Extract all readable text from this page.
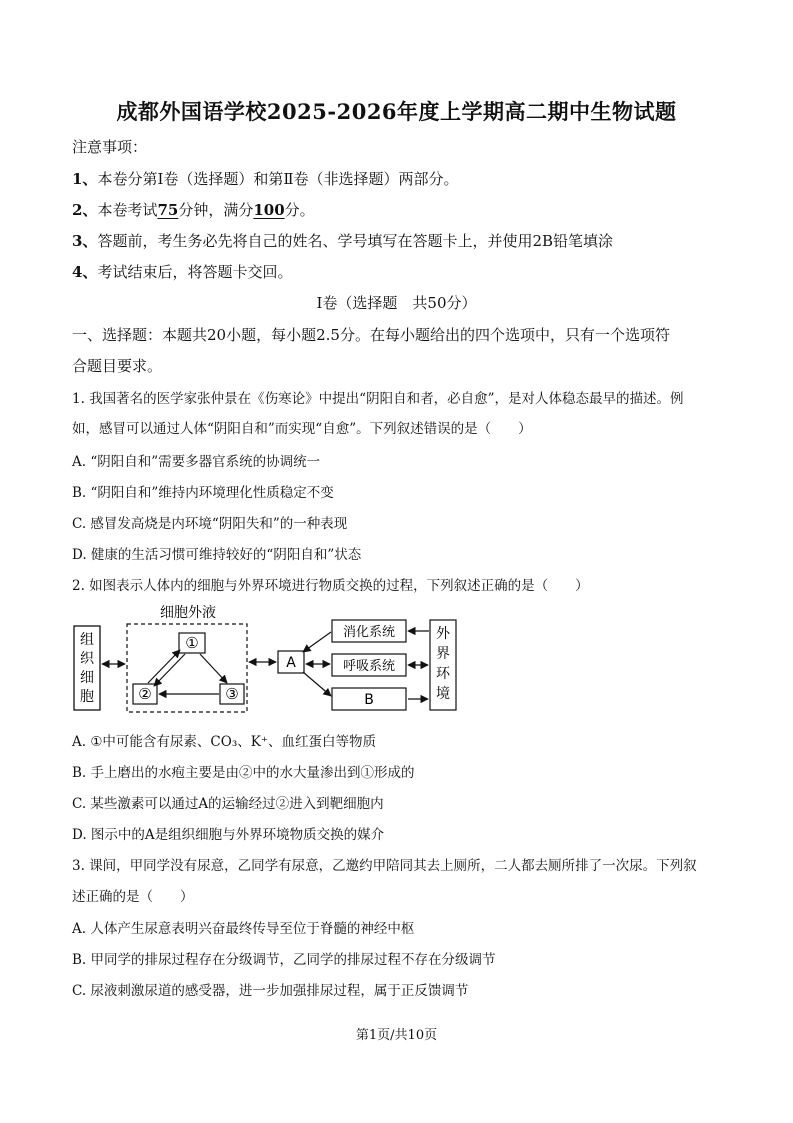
成都外国语学校2025-2026年度上学期高二期中生物试题
注意事项：
1、本卷分第Ⅰ卷（选择题）和第Ⅱ卷（非选择题）两部分。
2、本卷考试75分钟，满分100分。
3、答题前，考生务必先将自己的姓名、学号填写在答题卡上，并使用2B铅笔填涂
4、考试结束后，将答题卡交回。
Ⅰ卷（选择题　共50分）
一、选择题：本题共20小题，每小题2.5分。在每小题给出的四个选项中，只有一个选项符
合题目要求。
1. 我国著名的医学家张仲景在《伤寒论》中提出“阴阳自和者，必自愈”，是对人体稳态最早的描述。例
如，感冒可以通过人体“阴阳自和”而实现“自愈”。下列叙述错误的是（　　）
A. “阴阳自和”需要多器官系统的协调统一
B. “阴阳自和”维持内环境理化性质稳定不变
C. 感冒发高烧是内环境“阴阳失和”的一种表现
D. 健康的生活习惯可维持较好的“阴阳自和”状态
2. 如图表示人体内的细胞与外界环境进行物质交换的过程，下列叙述正确的是（　　）
组
织
细
胞
细胞外液
①
②	③
A
消化系统
呼吸系统
B
外
界
环
境
A. ①中可能含有尿素、CO₃、K⁺、血红蛋白等物质
B. 手上磨出的水疱主要是由②中的水大量渗出到①形成的
C. 某些激素可以通过A的运输经过②进入到靶细胞内
D. 图示中的A是组织细胞与外界环境物质交换的媒介
3. 课间，甲同学没有尿意，乙同学有尿意，乙邀约甲陪同其去上厕所，二人都去厕所排了一次尿。下列叙
述正确的是（　　）
A. 人体产生尿意表明兴奋最终传导至位于脊髓的神经中枢
B. 甲同学的排尿过程存在分级调节，乙同学的排尿过程不存在分级调节
C. 尿液刺激尿道的感受器，进一步加强排尿过程，属于正反馈调节
第1页/共10页
